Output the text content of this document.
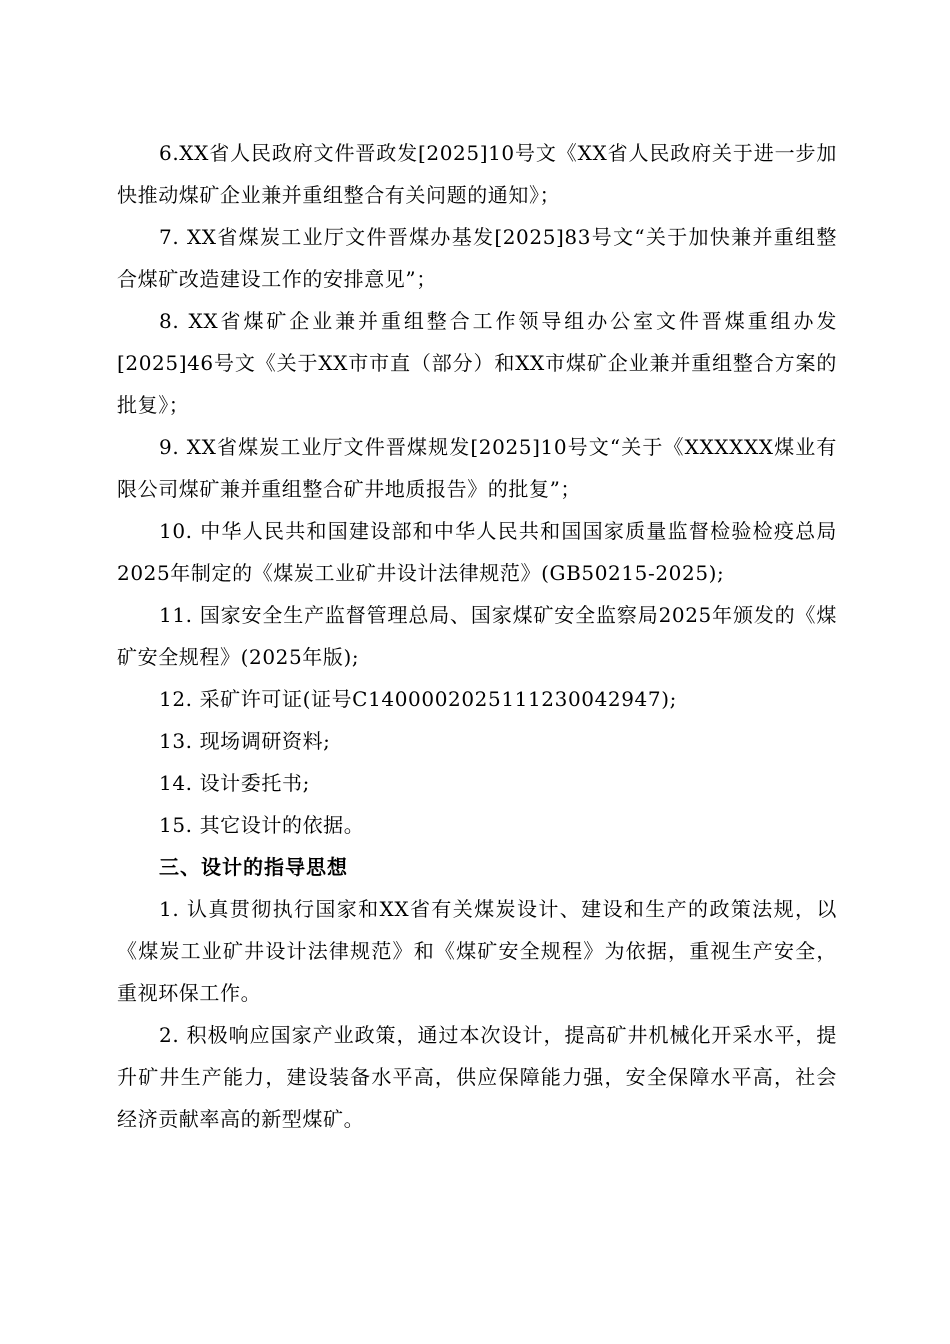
6.XX省人民政府文件晋政发[2025]10号文《XX省人民政府关于进一步加快推动煤矿企业兼并重组整合有关问题的通知》；

7. XX省煤炭工业厅文件晋煤办基发[2025]83号文“关于加快兼并重组整合煤矿改造建设工作的安排意见”；

8. XX省煤矿企业兼并重组整合工作领导组办公室文件晋煤重组办发[2025]46号文《关于XX市市直（部分）和XX市煤矿企业兼并重组整合方案的批复》；

9. XX省煤炭工业厅文件晋煤规发[2025]10号文“关于《XXXXXX煤业有限公司煤矿兼并重组整合矿井地质报告》的批复”；

10. 中华人民共和国建设部和中华人民共和国国家质量监督检验检疫总局2025年制定的《煤炭工业矿井设计法律规范》(GB50215-2025);

11. 国家安全生产监督管理总局、国家煤矿安全监察局2025年颁发的《煤矿安全规程》(2025年版);

12. 采矿许可证(证号C1400002025111230042947);

13. 现场调研资料;

14. 设计委托书;

15. 其它设计的依据。

三、设计的指导思想

1. 认真贯彻执行国家和XX省有关煤炭设计、建设和生产的政策法规，以《煤炭工业矿井设计法律规范》和《煤矿安全规程》为依据，重视生产安全，重视环保工作。

2. 积极响应国家产业政策，通过本次设计，提高矿井机械化开采水平，提升矿井生产能力，建设装备水平高，供应保障能力强，安全保障水平高，社会经济贡献率高的新型煤矿。
